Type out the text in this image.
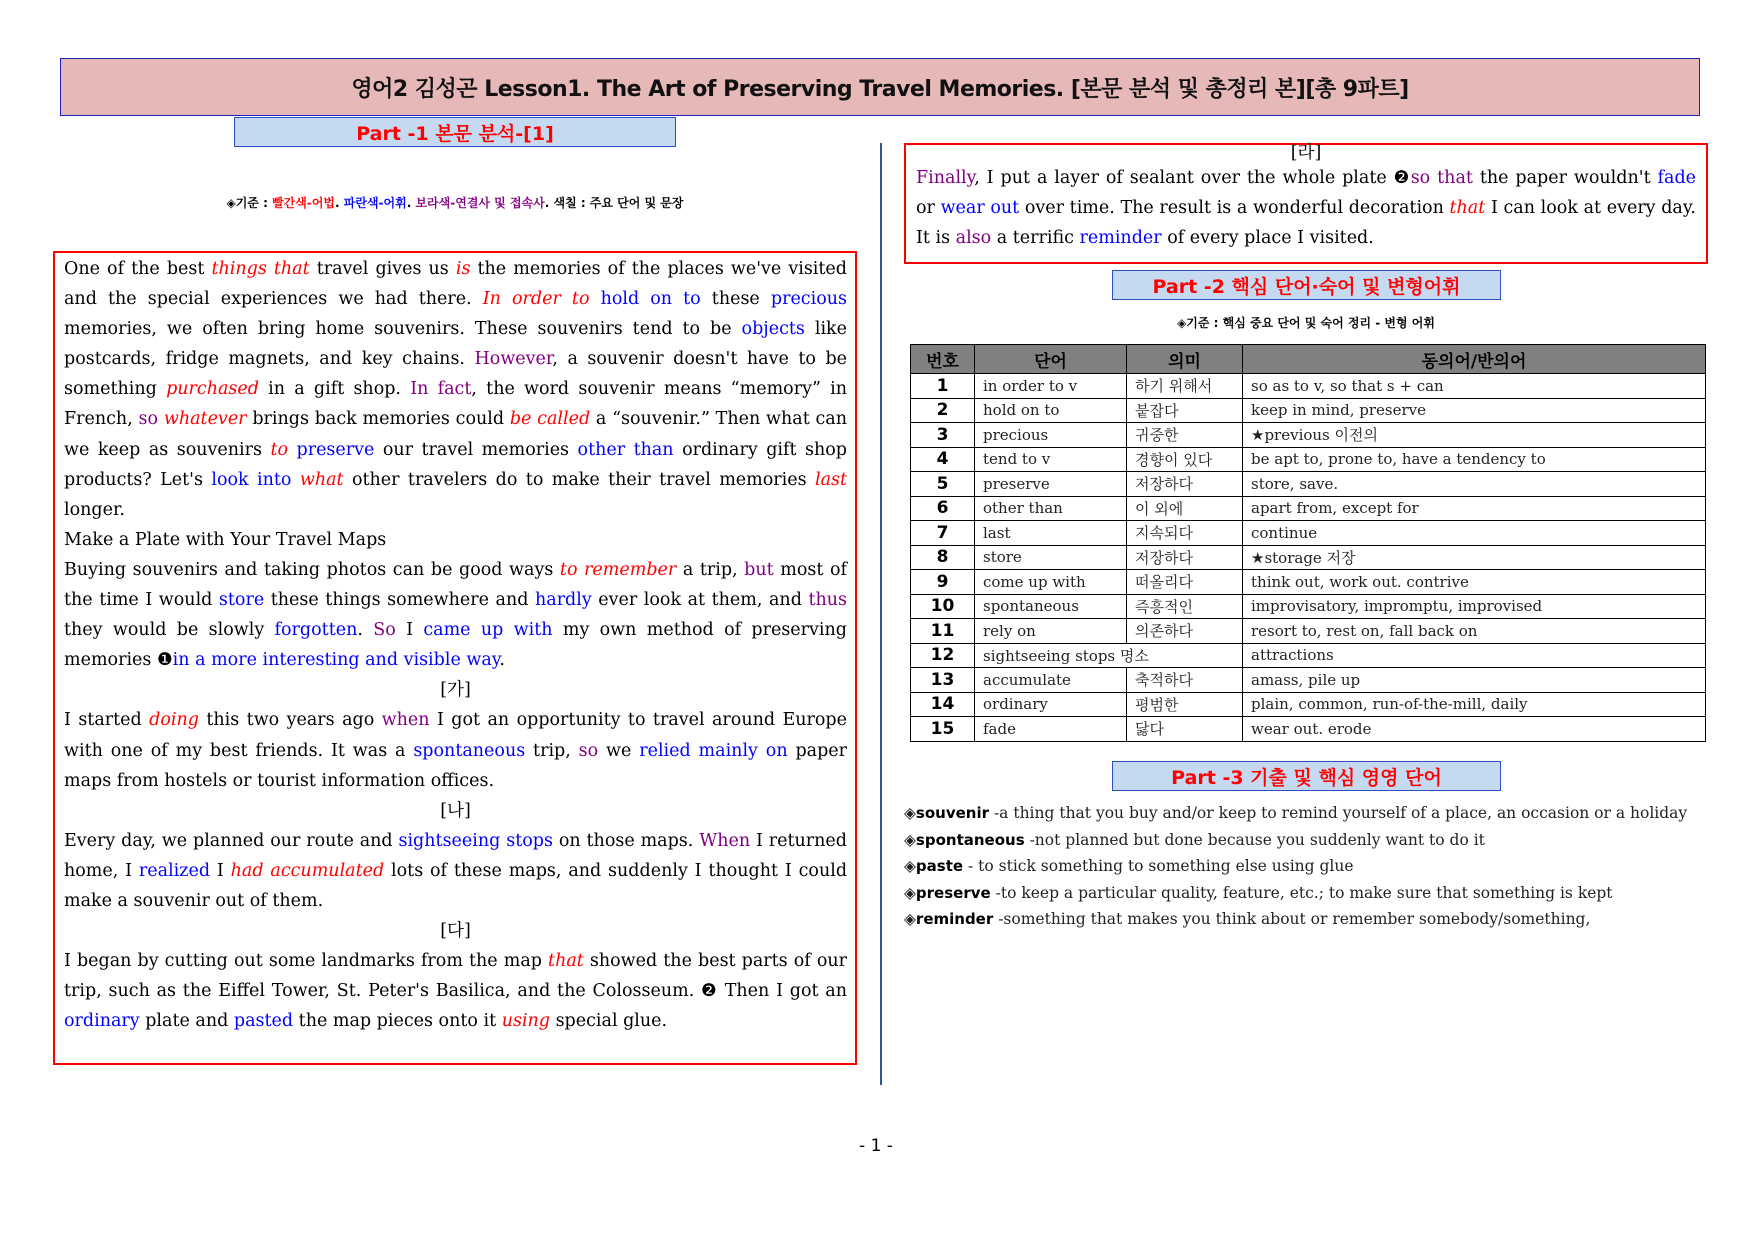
영어2 김성곤 Lesson1. The Art of Preserving Travel Memories. [본문 분석 및 총정리 본][총 9파트]
Part -1 본문 분석-[1]
◈기준 : 빨간색-어법. 파란색-어휘. 보라색-연결사 및 접속사. 색칠 : 주요 단어 및 문장

One of the best things that travel gives us is the memories of the places we've visited and the special experiences we had there. In order to hold on to these precious memories, we often bring home souvenirs. These souvenirs tend to be objects like postcards, fridge magnets, and key chains. However, a souvenir doesn't have to be something purchased in a gift shop. In fact, the word souvenir means “memory” in French, so whatever brings back memories could be called a “souvenir.” Then what can we keep as souvenirs to preserve our travel memories other than ordinary gift shop products? Let's look into what other travelers do to make their travel memories last longer.

Make a Plate with Your Travel Maps

Buying souvenirs and taking photos can be good ways to remember a trip, but most of the time I would store these things somewhere and hardly ever look at them, and thus they would be slowly forgotten. So I came up with my own method of preserving memories ❶in a more interesting and visible way.

[가]

I started doing this two years ago when I got an opportunity to travel around Europe with one of my best friends. It was a spontaneous trip, so we relied mainly on paper maps from hostels or tourist information offices.

[나]

Every day, we planned our route and sightseeing stops on those maps. When I returned home, I realized I had accumulated lots of these maps, and suddenly I thought I could make a souvenir out of them.

[다]

I began by cutting out some landmarks from the map that showed the best parts of our trip, such as the Eiffel Tower, St. Peter's Basilica, and the Colosseum. ❷ Then I got an ordinary plate and pasted the map pieces onto it using special glue.

[라]

Finally, I put a layer of sealant over the whole plate ❷so that the paper wouldn't fade or wear out over time. The result is a wonderful decoration that I can look at every day. It is also a terrific reminder of every place I visited.

Part -2 핵심 단어·숙어 및 변형어휘
◈기준 : 핵심 중요 단어 및 숙어 정리 - 변형 어휘
번호	단어	의미	동의어/반의어
1	in order to v	하기 위해서	so as to v, so that s + can
2	hold on to	붙잡다	keep in mind, preserve
3	precious	귀중한	★previous 이전의
4	tend to v	경향이 있다	be apt to, prone to, have a tendency to
5	preserve	저장하다	store, save.
6	other than	이 외에	apart from, except for
7	last	지속되다	continue
8	store	저장하다	★storage 저장
9	come up with	떠올리다	think out, work out. contrive
10	spontaneous	즉흥적인	improvisatory, impromptu, improvised
11	rely on	의존하다	resort to, rest on, fall back on
12	sightseeing stops 명소		attractions
13	accumulate	축적하다	amass, pile up
14	ordinary	평범한	plain, common, run-of-the-mill, daily
15	fade	닳다	wear out. erode
Part -3 기출 및 핵심 영영 단어

◈souvenir -a thing that you buy and/or keep to remind yourself of a place, an occasion or a holiday

◈spontaneous -not planned but done because you suddenly want to do it

◈paste - to stick something to something else using glue

◈preserve -to keep a particular quality, feature, etc.; to make sure that something is kept

◈reminder -something that makes you think about or remember somebody/something,

- 1 -
